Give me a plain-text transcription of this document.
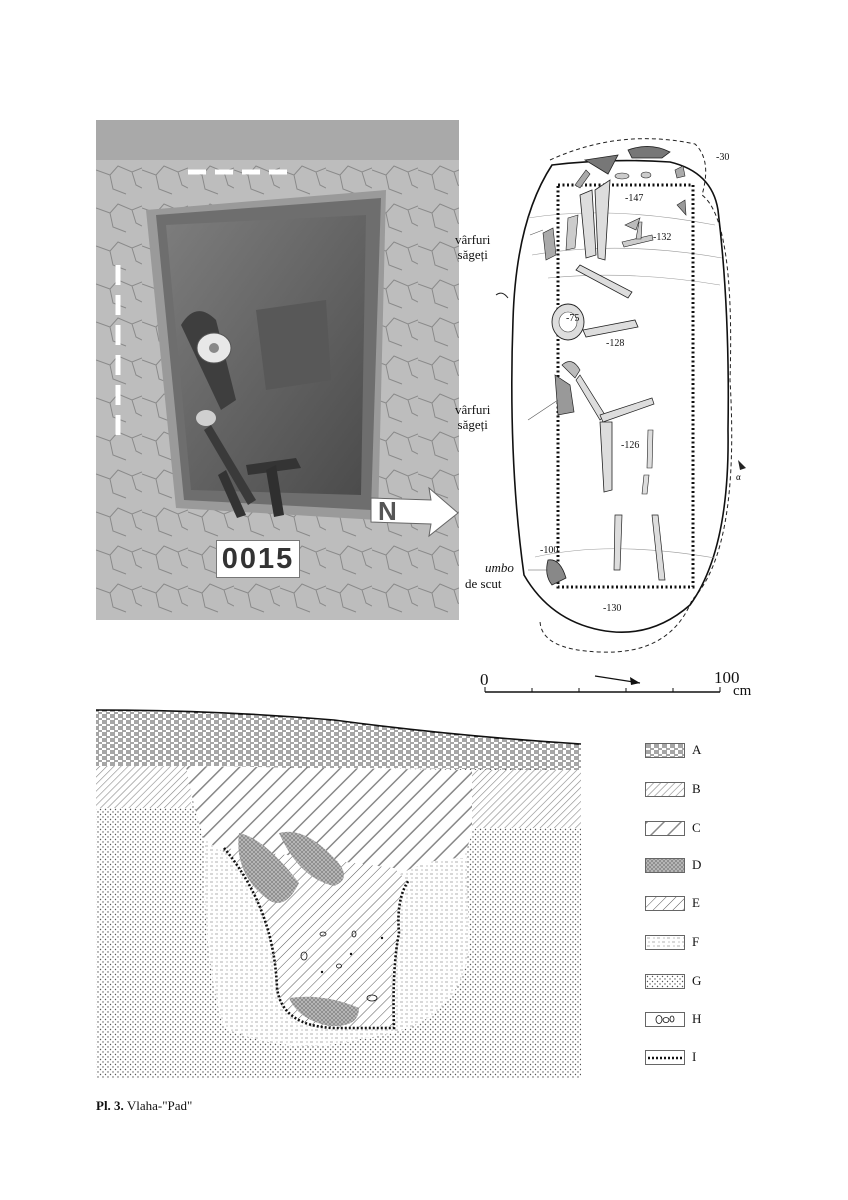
N
0015
α
vârfuri
săgeți
vârfuri
săgeți
umbo
de scut
-30
-147
-132
-75
-128
-126
-100
-130
0	100
cm
A
B
C
D
E
F
G
H
I
Pl. 3. Vlaha-"Pad"
